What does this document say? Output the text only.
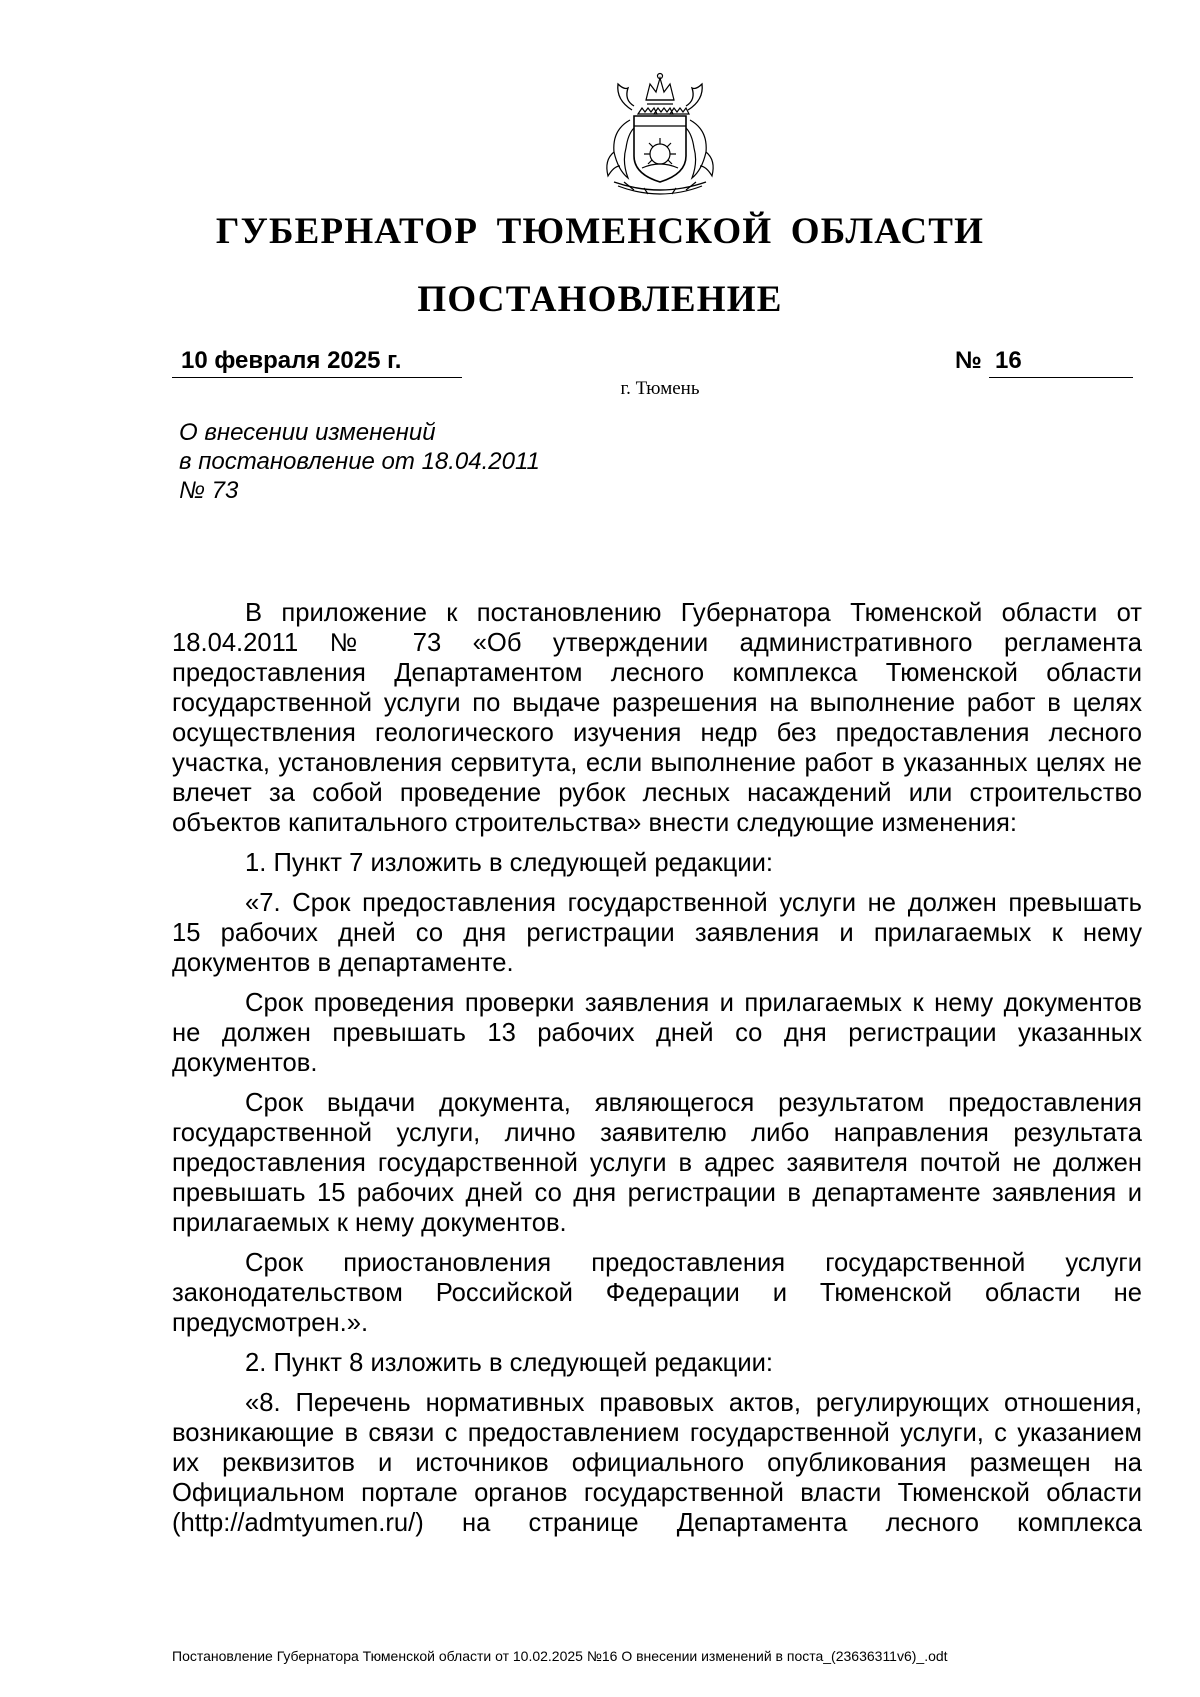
ГУБЕРНАТОР ТЮМЕНСКОЙ ОБЛАСТИ
ПОСТАНОВЛЕНИЕ
10 февраля 2025 г.	№ 16
г. Тюмень
О внесении изменений
в постановление от 18.04.2011
№ 73

В приложение к постановлению Губернатора Тюменской области от 18.04.2011 № 73 «Об утверждении административного регламента предоставления Департаментом лесного комплекса Тюменской области государственной услуги по выдаче разрешения на выполнение работ в целях осуществления геологического изучения недр без предоставления лесного участка, установления сервитута, если выполнение работ в указанных целях не влечет за собой проведение рубок лесных насаждений или строительство объектов капитального строительства» внести следующие изменения:

1. Пункт 7 изложить в следующей редакции:

«7. Срок предоставления государственной услуги не должен превышать 15 рабочих дней со дня регистрации заявления и прилагаемых к нему документов в департаменте.

Срок проведения проверки заявления и прилагаемых к нему документов не должен превышать 13 рабочих дней со дня регистрации указанных документов.

Срок выдачи документа, являющегося результатом предоставления государственной услуги, лично заявителю либо направления результата предоставления государственной услуги в адрес заявителя почтой не должен превышать 15 рабочих дней со дня регистрации в департаменте заявления и прилагаемых к нему документов.

Срок приостановления предоставления государственной услуги законодательством Российской Федерации и Тюменской области не предусмотрен.».

2. Пункт 8 изложить в следующей редакции:

«8. Перечень нормативных правовых актов, регулирующих отношения, возникающие в связи с предоставлением государственной услуги, с указанием их реквизитов и источников официального опубликования размещен на Официальном портале органов государственной власти Тюменской области (http://admtyumen.ru/) на странице Департамента лесного комплекса

Постановление Губернатора Тюменской области от 10.02.2025 №16 О внесении изменений в поста_(23636311v6)_.odt
